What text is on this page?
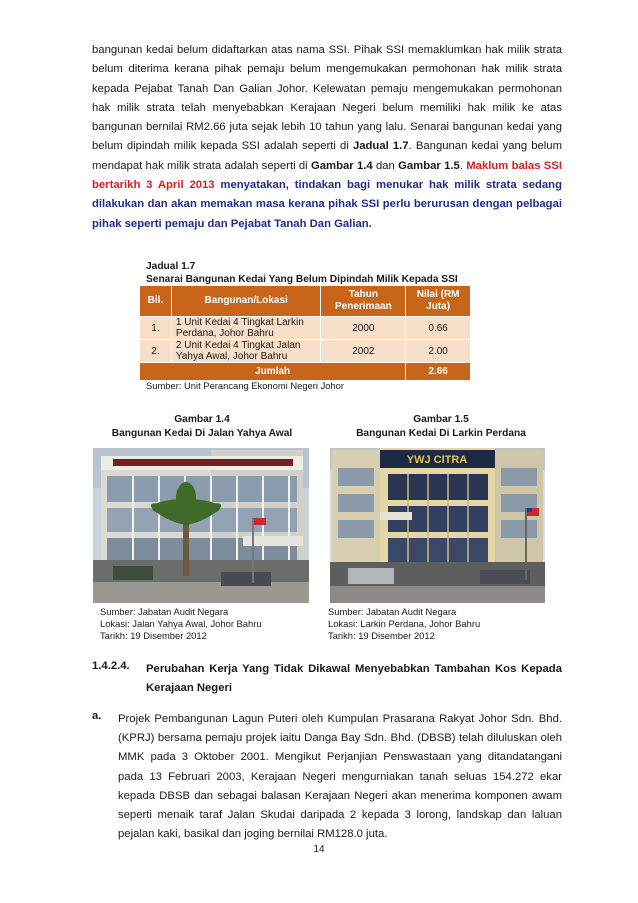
bangunan kedai belum didaftarkan atas nama SSI. Pihak SSI memaklumkan hak milik strata belum diterima kerana pihak pemaju belum mengemukakan permohonan hak milik strata kepada Pejabat Tanah Dan Galian Johor. Kelewatan pemaju mengemukakan permohonan hak milik strata telah menyebabkan Kerajaan Negeri belum memiliki hak milik ke atas bangunan bernilai RM2.66 juta sejak lebih 10 tahun yang lalu. Senarai bangunan kedai yang belum dipindah milik kepada SSI adalah seperti di Jadual 1.7. Bangunan kedai yang belum mendapat hak milik strata adalah seperti di Gambar 1.4 dan Gambar 1.5. Maklum balas SSI bertarikh 3 April 2013 menyatakan, tindakan bagi menukar hak milik strata sedang dilakukan dan akan memakan masa kerana pihak SSI perlu berurusan dengan pelbagai pihak seperti pemaju dan Pejabat Tanah Dan Galian.

Jadual 1.7
Senarai Bangunan Kedai Yang Belum Dipindah Milik Kepada SSI
Bil.	Bangunan/Lokasi	Tahun Penerimaan	Nilai (RM Juta)
1.	1 Unit Kedai 4 Tingkat Larkin Perdana, Johor Bahru	2000	0.66
2.	2 Unit Kedai 4 Tingkat Jalan Yahya Awal, Johor Bahru	2002	2.00
Jumlah			2.66
Sumber: Unit Perancang Ekonomi Negeri Johor
Gambar 1.4
Bangunan Kedai Di Jalan Yahya Awal
Sumber: Jabatan Audit Negara
Lokasi: Jalan Yahya Awal, Johor Bahru
Tarikh: 19 Disember 2012
Gambar 1.5
Bangunan Kedai Di Larkin Perdana
YWJ CITRA
Sumber: Jabatan Audit Negara
Lokasi: Larkin Perdana, Johor Bahru
Tarikh: 19 Disember 2012
1.4.2.4. Perubahan Kerja Yang Tidak Dikawal Menyebabkan Tambahan Kos Kepada Kerajaan Negeri
a. Projek Pembangunan Lagun Puteri oleh Kumpulan Prasarana Rakyat Johor Sdn. Bhd. (KPRJ) bersama pemaju projek iaitu Danga Bay Sdn. Bhd. (DBSB) telah diluluskan oleh MMK pada 3 Oktober 2001. Mengikut Perjanjian Penswastaan yang ditandatangani pada 13 Februari 2003, Kerajaan Negeri mengurniakan tanah seluas 154.272 ekar kepada DBSB dan sebagai balasan Kerajaan Negeri akan menerima komponen awam seperti menaik taraf Jalan Skudai daripada 2 kepada 3 lorong, landskap dan laluan pejalan kaki, basikal dan joging bernilai RM128.0 juta.

14
